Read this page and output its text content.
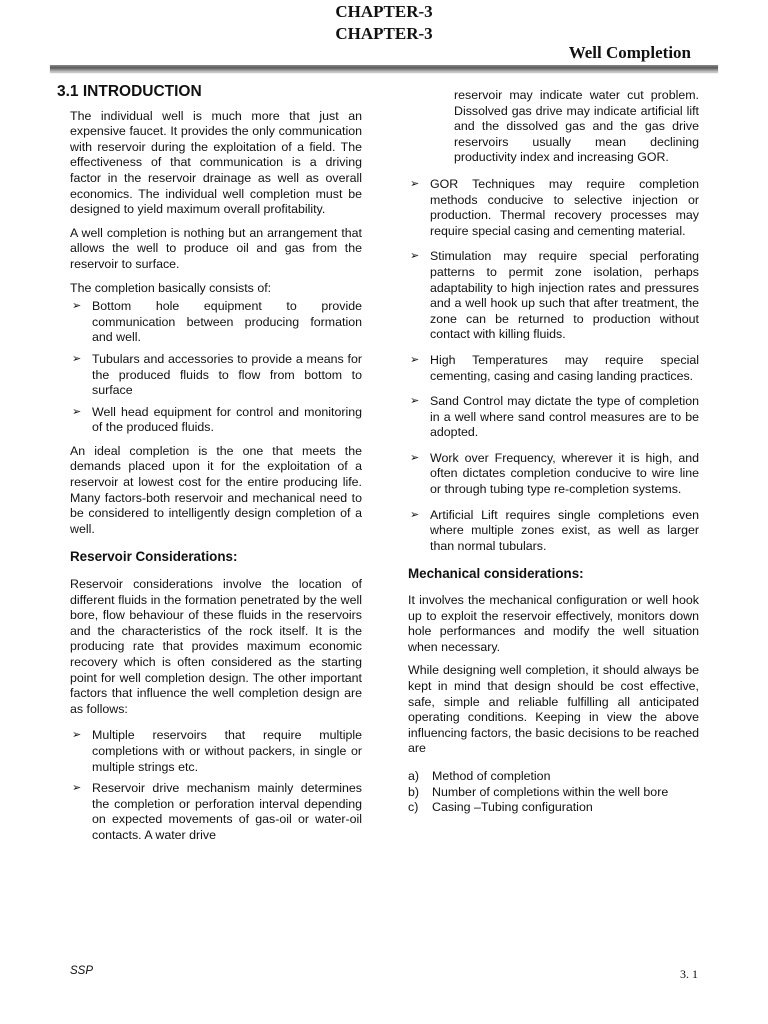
CHAPTER-3
CHAPTER-3
Well Completion
3.1 INTRODUCTION

The individual well is much more that just an expensive faucet. It provides the only communication with reservoir during the exploitation of a field. The effectiveness of that communication is a driving factor in the reservoir drainage as well as overall economics. The individual well completion must be designed to yield maximum overall profitability.

A well completion is nothing but an arrangement that allows the well to produce oil and gas from the reservoir to surface.

The completion basically consists of:

➢ Bottom hole equipment to provide communication between producing formation and well.
➢ Tubulars and accessories to provide a means for the produced fluids to flow from bottom to surface
➢ Well head equipment for control and monitoring of the produced fluids.

An ideal completion is the one that meets the demands placed upon it for the exploitation of a reservoir at lowest cost for the entire producing life. Many factors-both reservoir and mechanical need to be considered to intelligently design completion of a well.

Reservoir Considerations:

Reservoir considerations involve the location of different fluids in the formation penetrated by the well bore, flow behaviour of these fluids in the reservoirs and the characteristics of the rock itself. It is the producing rate that provides maximum economic recovery which is often considered as the starting point for well completion design. The other important factors that influence the well completion design are as follows:

➢ Multiple reservoirs that require multiple completions with or without packers, in single or multiple strings etc.
➢ Reservoir drive mechanism mainly determines the completion or perforation interval depending on expected movements of gas-oil or water-oil contacts. A water drive

reservoir may indicate water cut problem. Dissolved gas drive may indicate artificial lift and the dissolved gas and the gas drive reservoirs usually mean declining productivity index and increasing GOR.

➢ GOR Techniques may require completion methods conducive to selective injection or production. Thermal recovery processes may require special casing and cementing material.
➢ Stimulation may require special perforating patterns to permit zone isolation, perhaps adaptability to high injection rates and pressures and a well hook up such that after treatment, the zone can be returned to production without contact with killing fluids.
➢ High Temperatures may require special cementing, casing and casing landing practices.
➢ Sand Control may dictate the type of completion in a well where sand control measures are to be adopted.
➢ Work over Frequency, wherever it is high, and often dictates completion conducive to wire line or through tubing type re-completion systems.
➢ Artificial Lift requires single completions even where multiple zones exist, as well as larger than normal tubulars.
Mechanical considerations:

It involves the mechanical configuration or well hook up to exploit the reservoir effectively, monitors down hole performances and modify the well situation when necessary.

While designing well completion, it should always be kept in mind that design should be cost effective, safe, simple and reliable fulfilling all anticipated operating conditions. Keeping in view the above influencing factors, the basic decisions to be reached are

a) Method of completion
b) Number of completions within the well bore
c) Casing –Tubing configuration
SSP	3. 1
